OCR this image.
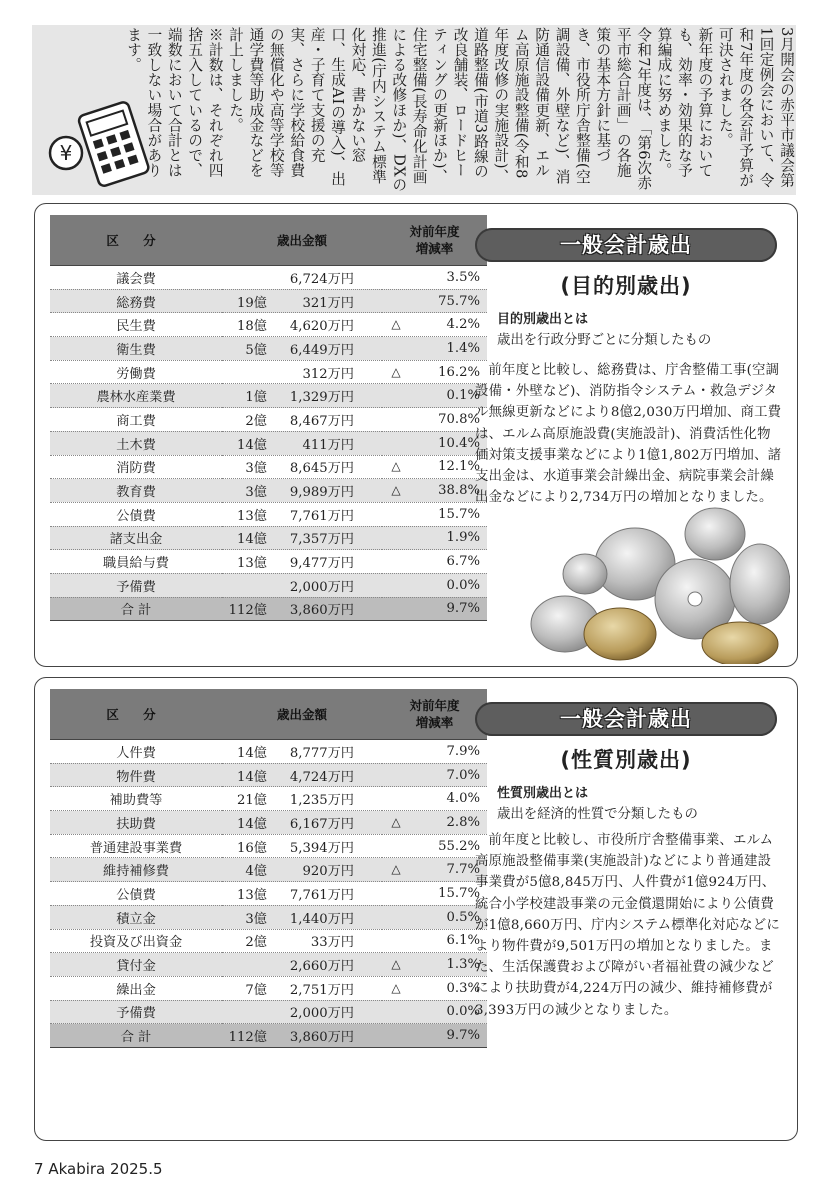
3月開会の赤平市議会第1回定例会において、令和7年度の各会計予算が可決されました。

新年度の予算においても、効率・効果的な予算編成に努めました。令和7年度は、「第6次赤平市総合計画」の各施策の基本方針に基づき、市役所庁舎整備(空調設備、外壁など)、消防通信設備更新、エルム高原施設整備(令和8年度改修の実施設計)、道路整備(市道3路線の改良舗装、ロードヒーティングの更新ほか)、住宅整備(長寿命化計画による改修ほか)、DXの推進(庁内システム標準化対応、書かない窓口、生成AIの導入)、出産・子育て支援の充実、さらに学校給食費の無償化や高等学校等通学費等助成金などを計上しました。

※計数は、それぞれ四捨五入しているので、端数において合計とは一致しない場合があります。

¥
区 分	歳出金額	対前年度
増減率
議会費	6,724万円	3.5%
総務費	19億 321万円	75.7%
民生費	18億 4,620万円	△ 4.2%
衛生費	5億 6,449万円	1.4%
労働費	312万円	△ 16.2%
農林水産業費	1億 1,329万円	0.1%
商工費	2億 8,467万円	70.8%
土木費	14億 411万円	10.4%
消防費	3億 8,645万円	△ 12.1%
教育費	3億 9,989万円	△ 38.8%
公債費	13億 7,761万円	15.7%
諸支出金	14億 7,357万円	1.9%
職員給与費	13億 9,477万円	6.7%
予備費	2,000万円	0.0%
合 計	112億 3,860万円	9.7%
一般会計歳出
(目的別歳出)
目的別歳出とは
歳出を行政分野ごとに分類したもの
前年度と比較し、総務費は、庁舎整備工事(空調設備・外壁など)、消防指令システム・救急デジタル無線更新などにより8億2,030万円増加、商工費は、エルム高原施設費(実施設計)、消費活性化物価対策支援事業などにより1億1,802万円増加、諸支出金は、水道事業会計繰出金、病院事業会計繰出金などにより2,734万円の増加となりました。
区 分	歳出金額	対前年度
増減率
人件費	14億 8,777万円	7.9%
物件費	14億 4,724万円	7.0%
補助費等	21億 1,235万円	4.0%
扶助費	14億 6,167万円	△ 2.8%
普通建設事業費	16億 5,394万円	55.2%
維持補修費	4億 920万円	△ 7.7%
公債費	13億 7,761万円	15.7%
積立金	3億 1,440万円	0.5%
投資及び出資金	2億 33万円	6.1%
貸付金	2,660万円	△ 1.3%
繰出金	7億 2,751万円	△ 0.3%
予備費	2,000万円	0.0%
合 計	112億 3,860万円	9.7%
一般会計歳出
(性質別歳出)
性質別歳出とは
歳出を経済的性質で分類したもの
前年度と比較し、市役所庁舎整備事業、エルム高原施設整備事業(実施設計)などにより普通建設事業費が5億8,845万円、人件費が1億924万円、統合小学校建設事業の元金償還開始により公債費が1億8,660万円、庁内システム標準化対応などにより物件費が9,501万円の増加となりました。また、生活保護費および障がい者福祉費の減少などにより扶助費が4,224万円の減少、維持補修費が3,393万円の減少となりました。
7 Akabira 2025.5
